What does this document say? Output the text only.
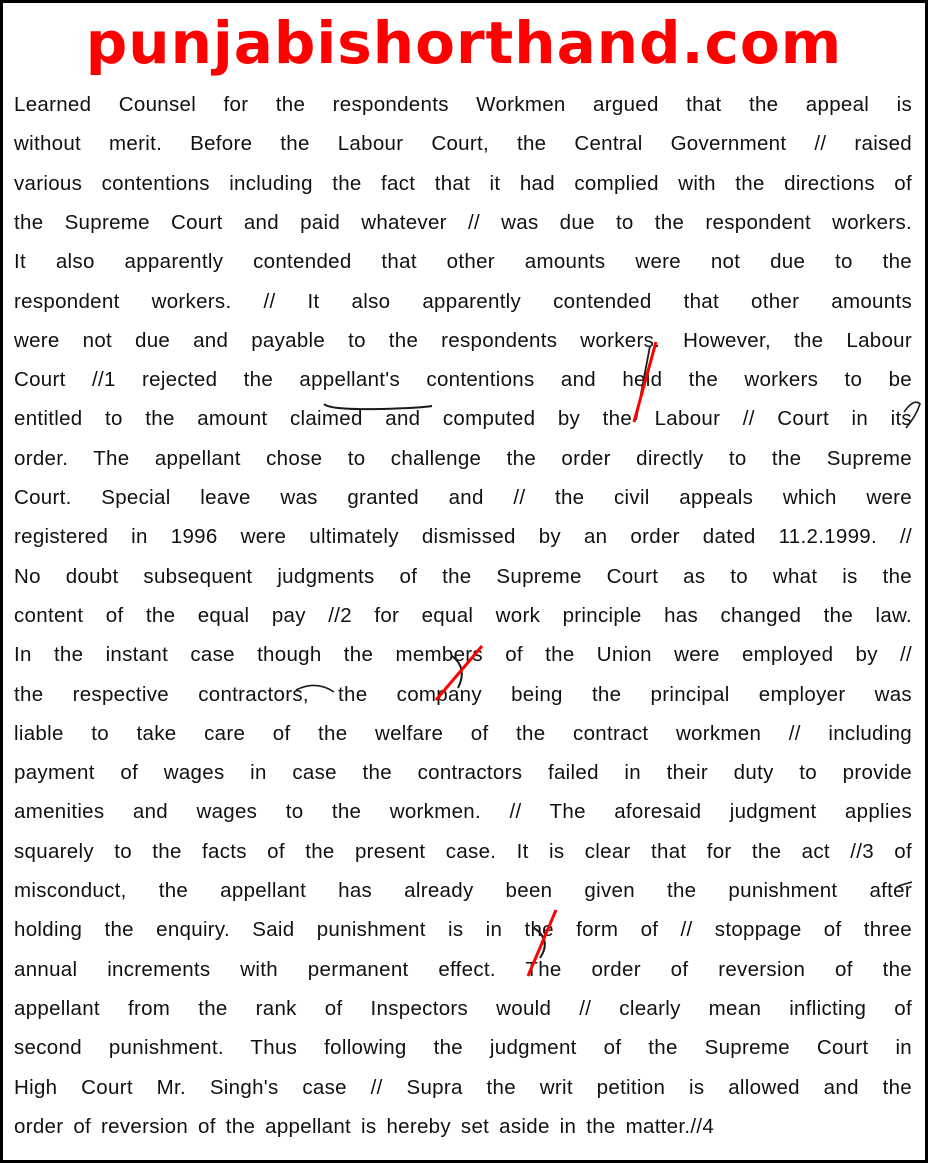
punjabishorthand.com

Learned Counsel for the respondents Workmen argued that the appeal is

without merit. Before the Labour Court, the Central Government // raised

various contentions including the fact that it had complied with the directions of

the Supreme Court and paid whatever // was due to the respondent workers.

It also apparently contended that other amounts were not due to the

respondent workers. // It also apparently contended that other amounts

were not due and payable to the respondents workers. However, the Labour

Court //1 rejected the appellant's contentions and held the workers to be

entitled to the amount claimed and computed by the Labour // Court in its

order. The appellant chose to challenge the order directly to the Supreme

Court. Special leave was granted and // the civil appeals which were

registered in 1996 were ultimately dismissed by an order dated 11.2.1999. //

No doubt subsequent judgments of the Supreme Court as to what is the

content of the equal pay //2 for equal work principle has changed the law.

In the instant case though the members of the Union were employed by //

the respective contractors, the company being the principal employer was

liable to take care of the welfare of the contract workmen // including

payment of wages in case the contractors failed in their duty to provide

amenities and wages to the workmen. // The aforesaid judgment applies

squarely to the facts of the present case. It is clear that for the act //3 of

misconduct, the appellant has already been given the punishment after

holding the enquiry. Said punishment is in the form of // stoppage of three

annual increments with permanent effect. The order of reversion of the

appellant from the rank of Inspectors would // clearly mean inflicting of

second punishment. Thus following the judgment of the Supreme Court in

High Court Mr. Singh's case // Supra the writ petition is allowed and the

order of reversion of the appellant is hereby set aside in the matter.//4
